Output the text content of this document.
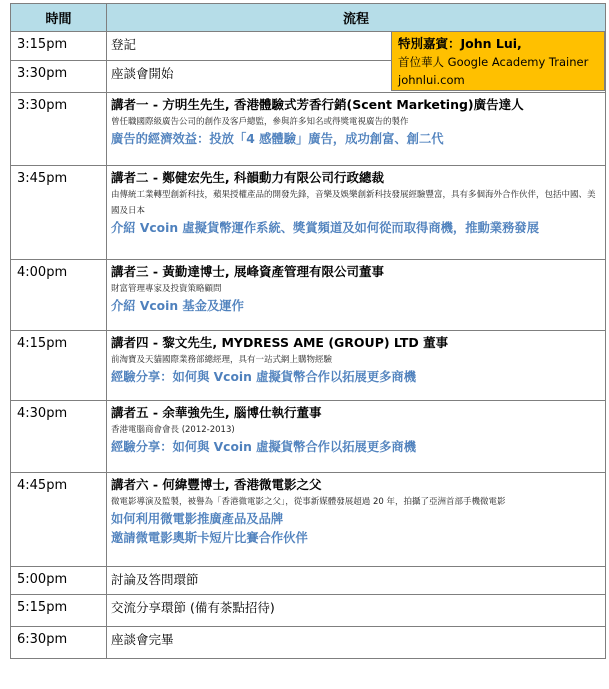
時間	流程
3:15pm	登記 特別嘉賓：John Lui,
首位華人 Google Academy Trainer
johnlui.com

3:30pm	座談會開始

3:30pm	講者一 - 方明生先生, 香港體驗式芳香行銷(Scent Marketing)廣告達人
曾任職國際級廣告公司的創作及客戶總監，參與許多知名或得獎電視廣告的製作
廣告的經濟效益：投放「4 感體驗」廣告，成功創富、創二代

3:45pm	講者二 - 鄭健宏先生, 科韻動力有限公司行政總裁
由傳統工業轉型創新科技，蘋果授權產品的開發先鋒，音樂及娛樂創新科技發展經驗豐富，具有多個海外合作伙伴，包括中國、美國及日本
介紹 Vcoin 虛擬貨幣運作系統、獎賞頻道及如何從而取得商機，推動業務發展

4:00pm	講者三 - 黃勤達博士, 展峰資產管理有限公司董事
財富管理專家及投資策略顧問
介紹 Vcoin 基金及運作

4:15pm	講者四 - 黎文先生, MYDRESS AME (GROUP) LTD 董事
前淘寶及天貓國際業務部總經理，具有一站式網上購物經驗
經驗分享：如何與 Vcoin 虛擬貨幣合作以拓展更多商機

4:30pm	講者五 - 余華強先生, 腦博仕執行董事
香港電腦商會會長 (2012-2013)
經驗分享：如何與 Vcoin 虛擬貨幣合作以拓展更多商機

4:45pm	講者六 - 何緯豐博士, 香港微電影之父
微電影導演及監製，被譽為「香港微電影之父」，從事新媒體發展超過 20 年，拍攝了亞洲首部手機微電影
如何利用微電影推廣產品及品牌
邀請微電影奧斯卡短片比賽合作伙伴

5:00pm	討論及答問環節

5:15pm	交流分享環節 (備有茶點招待)

6:30pm	座談會完畢
